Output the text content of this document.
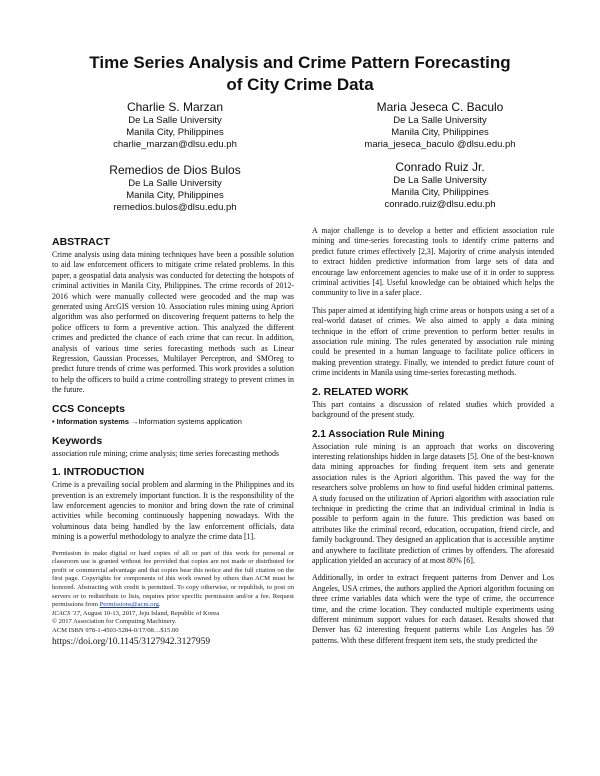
Time Series Analysis and Crime Pattern Forecasting
of City Crime Data
Charlie S. Marzan
De La Salle University
Manila City, Philippines
charlie_marzan@dlsu.edu.ph
Maria Jeseca C. Baculo
De La Salle University
Manila City, Philippines
maria_jeseca_baculo @dlsu.edu.ph
Remedios de Dios Bulos
De La Salle University
Manila City, Philippines
remedios.bulos@dlsu.edu.ph
Conrado Ruiz Jr.
De La Salle University
Manila City, Philippines
conrado.ruiz@dlsu.edu.ph
ABSTRACT

Crime analysis using data mining techniques have been a possible solution to aid law enforcement officers to mitigate crime related problems. In this paper, a geospatial data analysis was conducted for detecting the hotspots of criminal activities in Manila City, Philippines. The crime records of 2012-2016 which were manually collected were geocoded and the map was generated using ArcGIS version 10. Association rules mining using Apriori algorithm was also performed on discovering frequent patterns to help the police officers to form a preventive action. This analyzed the different crimes and predicted the chance of each crime that can recur. In addition, analysis of various time series forecasting methods such as Linear Regression, Gaussian Processes, Multilayer Perceptron, and SMOreg to predict future trends of crime was performed. This work provides a solution to help the officers to build a crime controlling strategy to prevent crimes in the future.

CCS Concepts
• Information systems →Information systems application
Keywords

association rule mining; crime analysis; time series forecasting methods

1. INTRODUCTION

Crime is a prevailing social problem and alarming in the Philippines and its prevention is an extremely important function. It is the responsibility of the law enforcement agencies to monitor and bring down the rate of criminal activities while becoming continuously happening nowadays. With the voluminous data being handled by the law enforcement officials, data mining is a powerful methodology to analyze the crime data [1].

Permission to make digital or hard copies of all or part of this work for personal or classroom use is granted without fee provided that copies are not made or distributed for profit or commercial advantage and that copies bear this notice and the full citation on the first page. Copyrights for components of this work owned by others than ACM must be honored. Abstracting with credit is permitted. To copy otherwise, or republish, to post on servers or to redistribute to lists, requires prior specific permission and/or a fee. Request permissions from Permissions@acm.org.
ICACS '17, August 10-13, 2017, Jeju Island, Republic of Korea
© 2017 Association for Computing Machinery.
ACM ISBN 978-1-4503-5284-0/17/08…$15.00
https://doi.org/10.1145/3127942.3127959

A major challenge is to develop a better and efficient association rule mining and time-series forecasting tools to identify crime patterns and predict future crimes effectively [2,3]. Majority of crime analysis intended to extract hidden predictive information from large sets of data and encourage law enforcement agencies to make use of it in order to suppress criminal activities [4]. Useful knowledge can be obtained which helps the community to live in a safer place.

This paper aimed at identifying high crime areas or hotspots using a set of a real-world dataset of crimes. We also aimed to apply a data mining technique in the effort of crime prevention to perform better results in association rule mining. The rules generated by association rule mining could be presented in a human language to facilitate police officers in making prevention strategy. Finally, we intended to predict future count of crime incidents in Manila using time-series forecasting methods.

2. RELATED WORK

This part contains a discussion of related studies which provided a background of the present study.

2.1 Association Rule Mining

Association rule mining is an approach that works on discovering interesting relationships hidden in large datasets [5]. One of the best-known data mining approaches for finding frequent item sets and generate association rules is the Apriori algorithm. This paved the way for the researchers solve problems on how to find useful hidden criminal patterns. A study focused on the utilization of Apriori algorithm with association rule technique in predicting the crime that an individual criminal in India is possible to perform again in the future. This prediction was based on attributes like the criminal record, education, occupation, friend circle, and family background. They designed an application that is accessible anytime and anywhere to facilitate prediction of crimes by offenders. The aforesaid application yielded an accuracy of at most 80% [6].

Additionally, in order to extract frequent patterns from Denver and Los Angeles, USA crimes, the authors applied the Apriori algorithm focusing on three crime variables data which were the type of crime, the occurrence time, and the crime location. They conducted multiple experiments using different minimum support values for each dataset. Results showed that Denver has 62 interesting frequent patterns while Los Angeles has 59 patterns. With these different frequent item sets, the study predicted the
